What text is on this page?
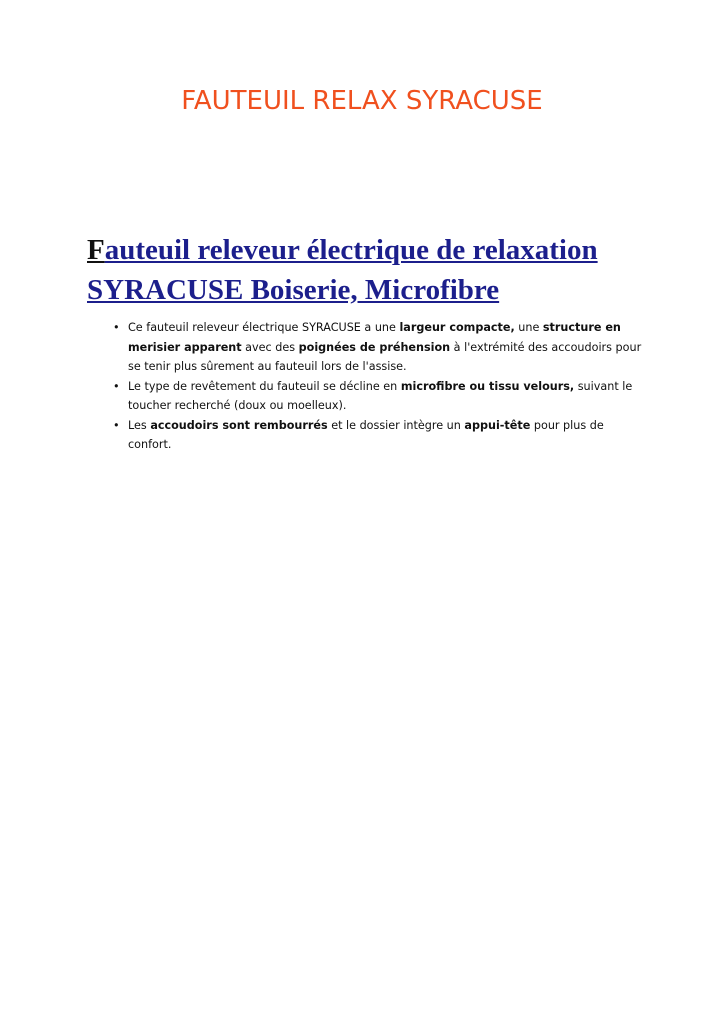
FAUTEUIL RELAX SYRACUSE
Fauteuil releveur électrique de relaxation
SYRACUSE Boiserie, Microfibre
• Ce fauteuil releveur électrique SYRACUSE a une largeur compacte, une structure en merisier apparent avec des poignées de préhension à l'extrémité des accoudoirs pour se tenir plus sûrement au fauteuil lors de l'assise.
• Le type de revêtement du fauteuil se décline en microfibre ou tissu velours, suivant le toucher recherché (doux ou moelleux).
• Les accoudoirs sont rembourrés et le dossier intègre un appui-tête pour plus de confort.
